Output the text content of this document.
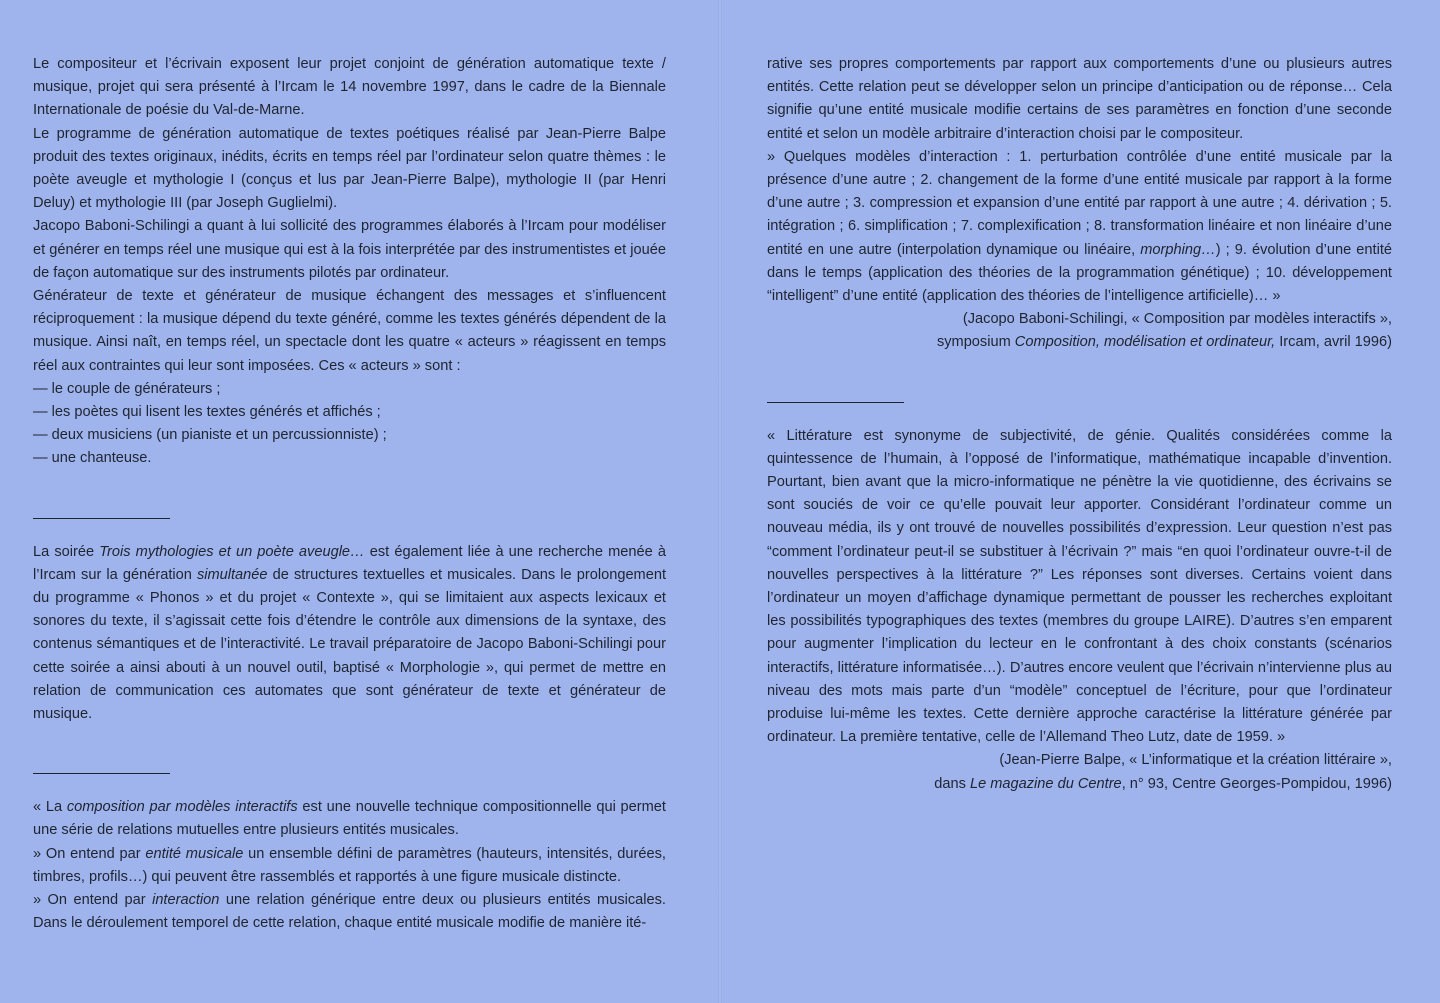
Le compositeur et l’écrivain exposent leur projet conjoint de génération automatique texte / musique, projet qui sera présenté à l’Ircam le 14 novembre 1997, dans le cadre de la Biennale Internationale de poésie du Val-de-Marne.

Le programme de génération automatique de textes poétiques réalisé par Jean-Pierre Balpe produit des textes originaux, inédits, écrits en temps réel par l’ordinateur selon quatre thèmes : le poète aveugle et mythologie I (conçus et lus par Jean-Pierre Balpe), mythologie II (par Henri Deluy) et mythologie III (par Joseph Guglielmi).

Jacopo Baboni-Schilingi a quant à lui sollicité des programmes élaborés à l’Ircam pour modéliser et générer en temps réel une musique qui est à la fois interprétée par des instrumentistes et jouée de façon automatique sur des instruments pilotés par ordinateur.

Générateur de texte et générateur de musique échangent des messages et s’influencent réciproquement : la musique dépend du texte généré, comme les textes générés dépendent de la musique. Ainsi naît, en temps réel, un spectacle dont les quatre « acteurs » réagissent en temps réel aux contraintes qui leur sont imposées. Ces « acteurs » sont :

— le couple de générateurs ;

— les poètes qui lisent les textes générés et affichés ;

— deux musiciens (un pianiste et un percussionniste) ;

— une chanteuse.

La soirée Trois mythologies et un poète aveugle… est également liée à une recherche menée à l’Ircam sur la génération simultanée de structures textuelles et musicales. Dans le prolongement du programme « Phonos » et du projet « Contexte », qui se limitaient aux aspects lexicaux et sonores du texte, il s’agissait cette fois d’étendre le contrôle aux dimensions de la syntaxe, des contenus sémantiques et de l’interactivité. Le travail préparatoire de Jacopo Baboni-Schilingi pour cette soirée a ainsi abouti à un nouvel outil, baptisé « Morphologie », qui permet de mettre en relation de communication ces automates que sont générateur de texte et générateur de musique.

« La composition par modèles interactifs est une nouvelle technique compositionnelle qui permet une série de relations mutuelles entre plusieurs entités musicales.

» On entend par entité musicale un ensemble défini de paramètres (hauteurs, intensités, durées, timbres, profils…) qui peuvent être rassemblés et rapportés à une figure musicale distincte.

» On entend par interaction une relation générique entre deux ou plusieurs entités musicales. Dans le déroulement temporel de cette relation, chaque entité musicale modifie de manière ité-

rative ses propres comportements par rapport aux comportements d’une ou plusieurs autres entités. Cette relation peut se développer selon un principe d’anticipation ou de réponse… Cela signifie qu’une entité musicale modifie certains de ses paramètres en fonction d’une seconde entité et selon un modèle arbitraire d’interaction choisi par le compositeur.

» Quelques modèles d’interaction : 1. perturbation contrôlée d’une entité musicale par la présence d’une autre ; 2. changement de la forme d’une entité musicale par rapport à la forme d’une autre ; 3. compression et expansion d’une entité par rapport à une autre ; 4. dérivation ; 5. intégration ; 6. simplification ; 7. complexification ; 8. transformation linéaire et non linéaire d’une entité en une autre (interpolation dynamique ou linéaire, morphing…) ; 9. évolution d’une entité dans le temps (application des théories de la programmation génétique) ; 10. développement “intelligent” d’une entité (application des théories de l’intelligence artificielle)… »

(Jacopo Baboni-Schilingi, « Composition par modèles interactifs »,

symposium Composition, modélisation et ordinateur, Ircam, avril 1996)

« Littérature est synonyme de subjectivité, de génie. Qualités considérées comme la quintessence de l’humain, à l’opposé de l’informatique, mathématique incapable d’invention. Pourtant, bien avant que la micro-informatique ne pénètre la vie quotidienne, des écrivains se sont souciés de voir ce qu’elle pouvait leur apporter. Considérant l’ordinateur comme un nouveau média, ils y ont trouvé de nouvelles possibilités d’expression. Leur question n’est pas “comment l’ordinateur peut-il se substituer à l’écrivain ?” mais “en quoi l’ordinateur ouvre-t-il de nouvelles perspectives à la littérature ?” Les réponses sont diverses. Certains voient dans l’ordinateur un moyen d’affichage dynamique permettant de pousser les recherches exploitant les possibilités typographiques des textes (membres du groupe LAIRE). D’autres s’en emparent pour augmenter l’implication du lecteur en le confrontant à des choix constants (scénarios interactifs, littérature informatisée…). D’autres encore veulent que l’écrivain n’intervienne plus au niveau des mots mais parte d’un “modèle” conceptuel de l’écriture, pour que l’ordinateur produise lui-même les textes. Cette dernière approche caractérise la littérature générée par ordinateur. La première tentative, celle de l’Allemand Theo Lutz, date de 1959. »

(Jean-Pierre Balpe, « L’informatique et la création littéraire »,

dans Le magazine du Centre, n° 93, Centre Georges-Pompidou, 1996)
